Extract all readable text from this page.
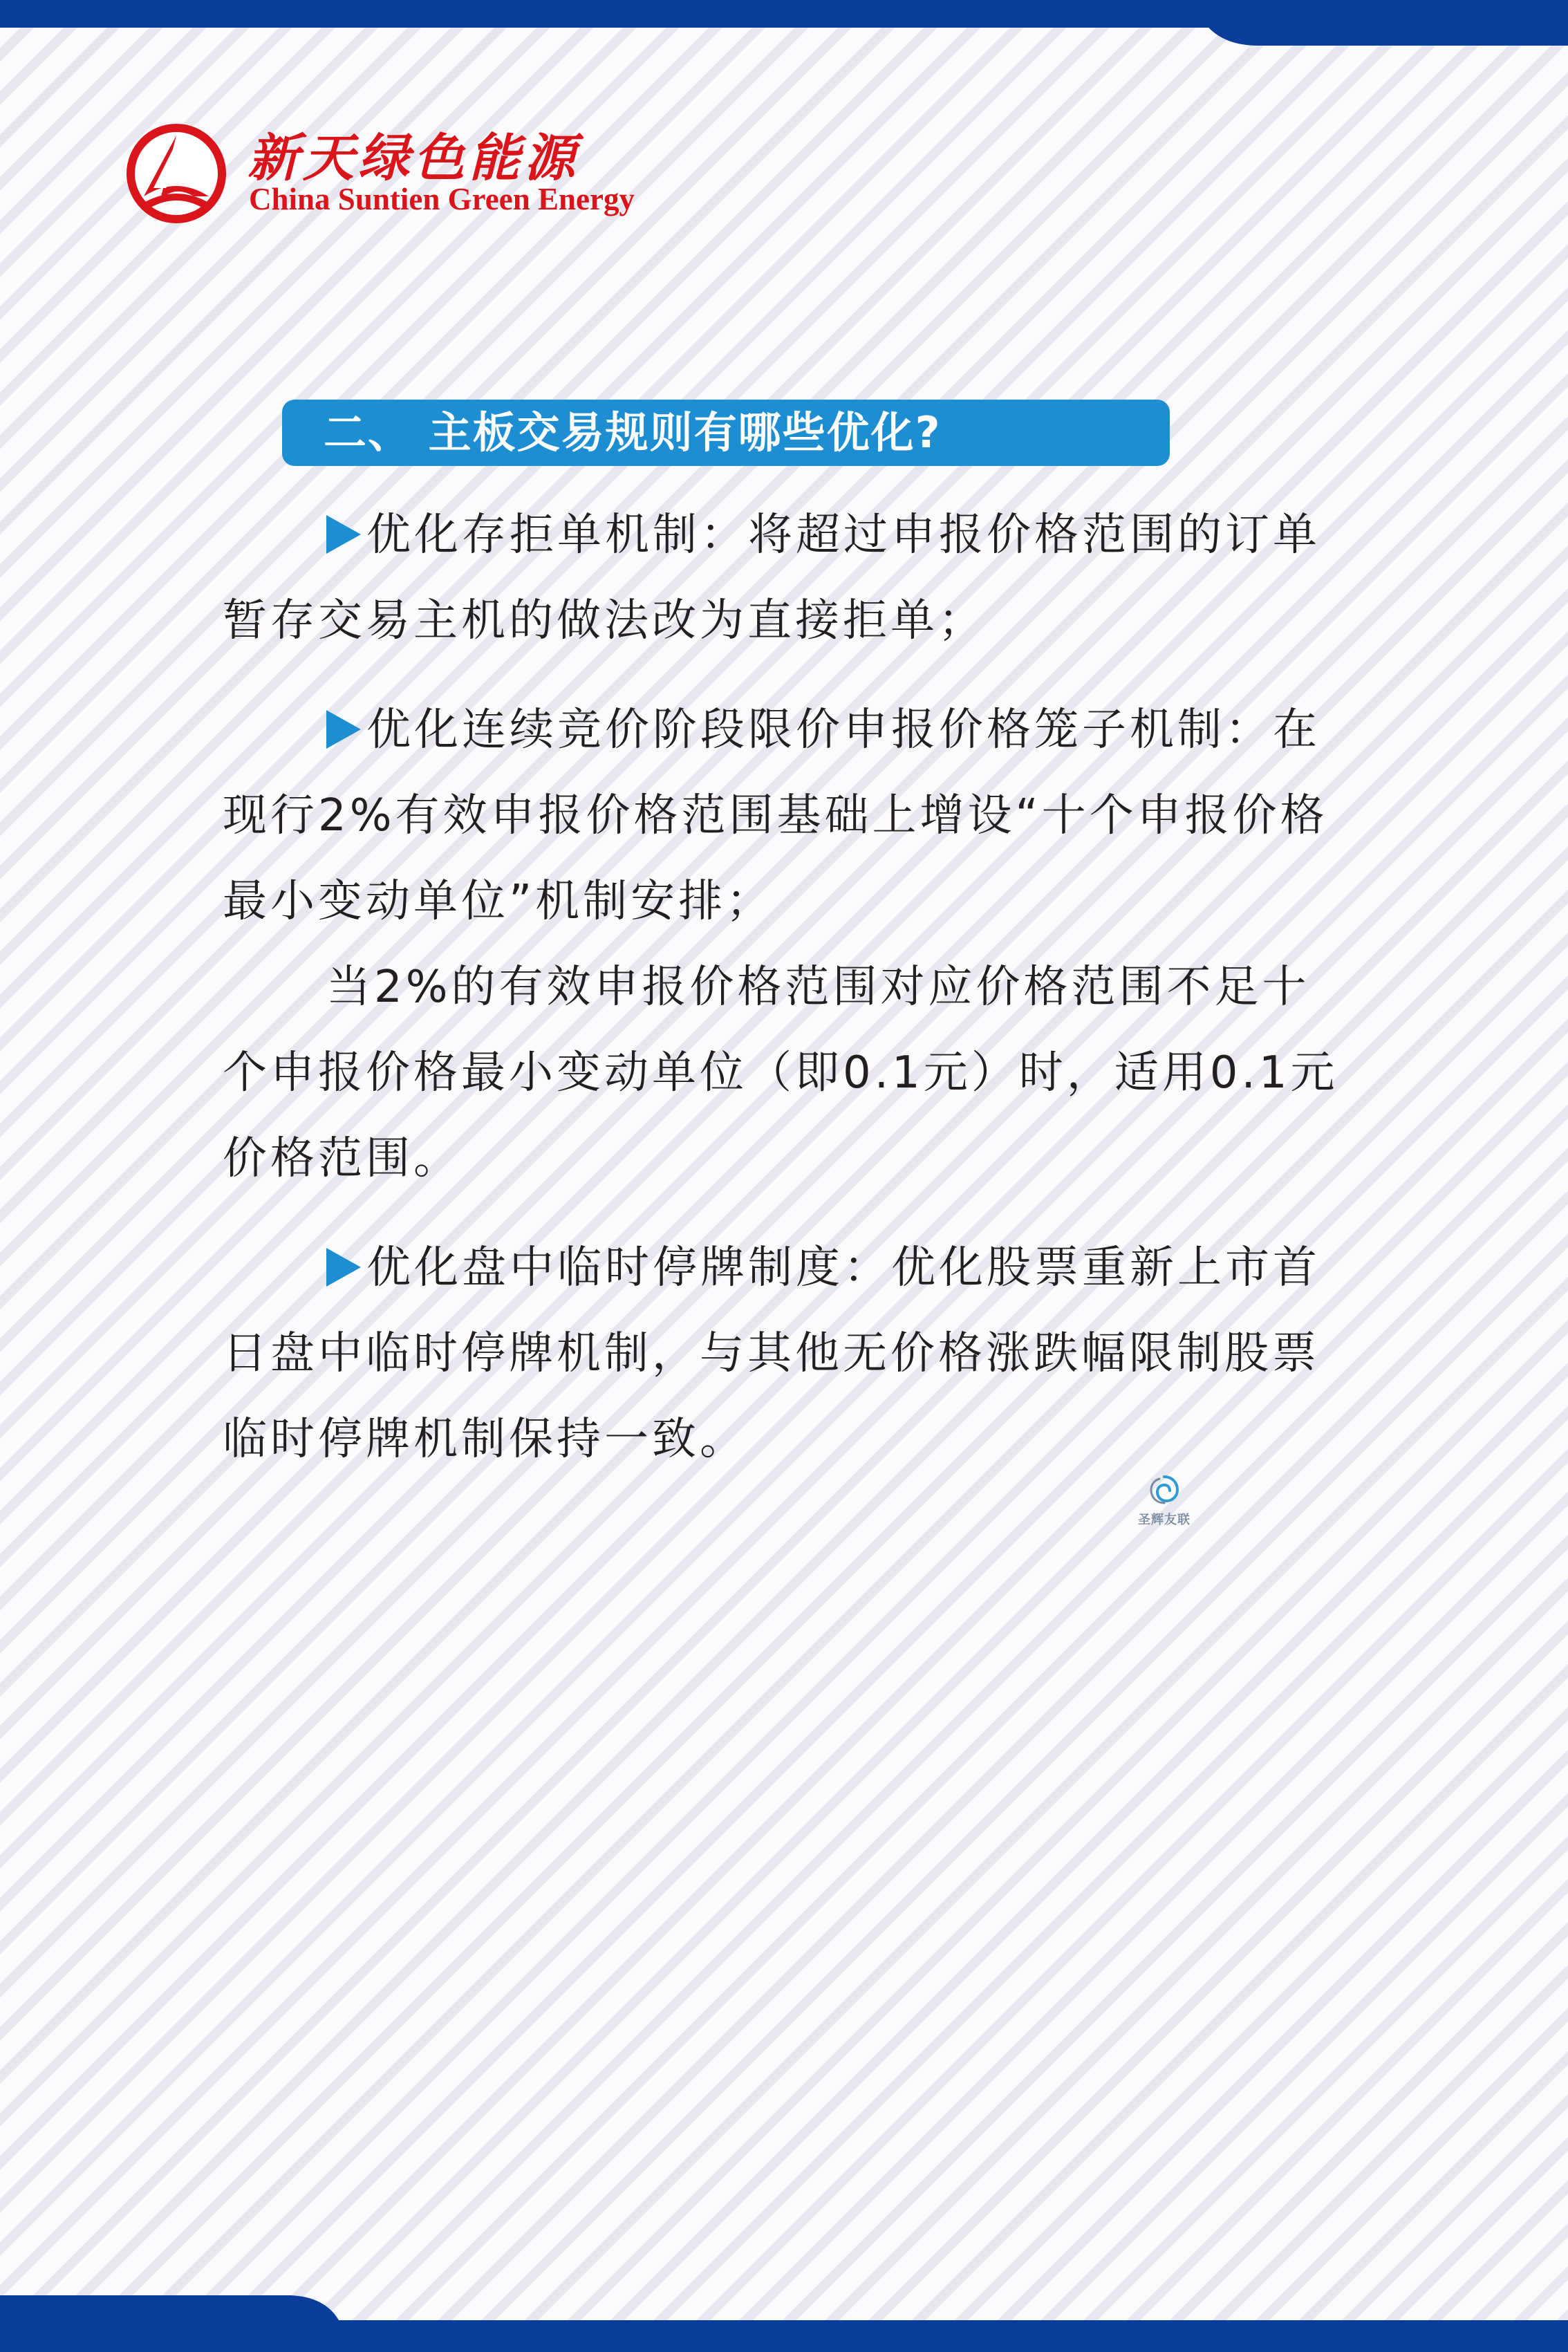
新天绿色能源
China Suntien Green Energy
二、 主板交易规则有哪些优化?

优化存拒单机制：将超过申报价格范围的订单暂存交易主机的做法改为直接拒单；

优化连续竞价阶段限价申报价格笼子机制：在现行2%有效申报价格范围基础上增设“十个申报价格最小变动单位”机制安排；

当2%的有效申报价格范围对应价格范围不足十个申报价格最小变动单位（即0.1元）时，适用0.1元价格范围。

优化盘中临时停牌制度：优化股票重新上市首日盘中临时停牌机制，与其他无价格涨跌幅限制股票临时停牌机制保持一致。

圣辉友联
